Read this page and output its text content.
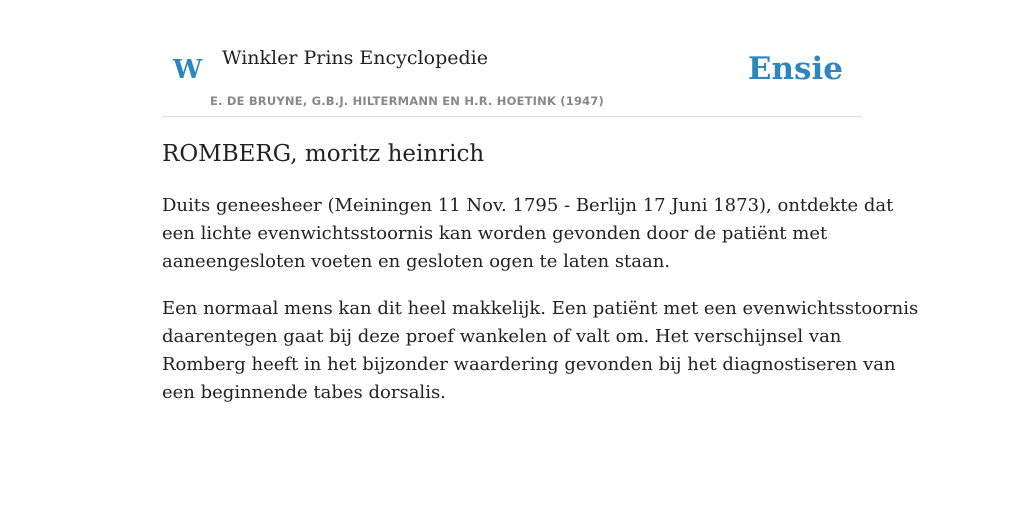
W Winkler Prins Encyclopedie
E. DE BRUYNE, G.B.J. HILTERMANN EN H.R. HOETINK (1947)
Ensie
ROMBERG, moritz heinrich

Duits geneesheer (Meiningen 11 Nov. 1795 - Berlijn 17 Juni 1873), ontdekte dat
een lichte evenwichtsstoornis kan worden gevonden door de patiënt met
aaneengesloten voeten en gesloten ogen te laten staan.

Een normaal mens kan dit heel makkelijk. Een patiënt met een evenwichtsstoornis
daarentegen gaat bij deze proef wankelen of valt om. Het verschijnsel van
Romberg heeft in het bijzonder waardering gevonden bij het diagnostiseren van
een beginnende tabes dorsalis.
